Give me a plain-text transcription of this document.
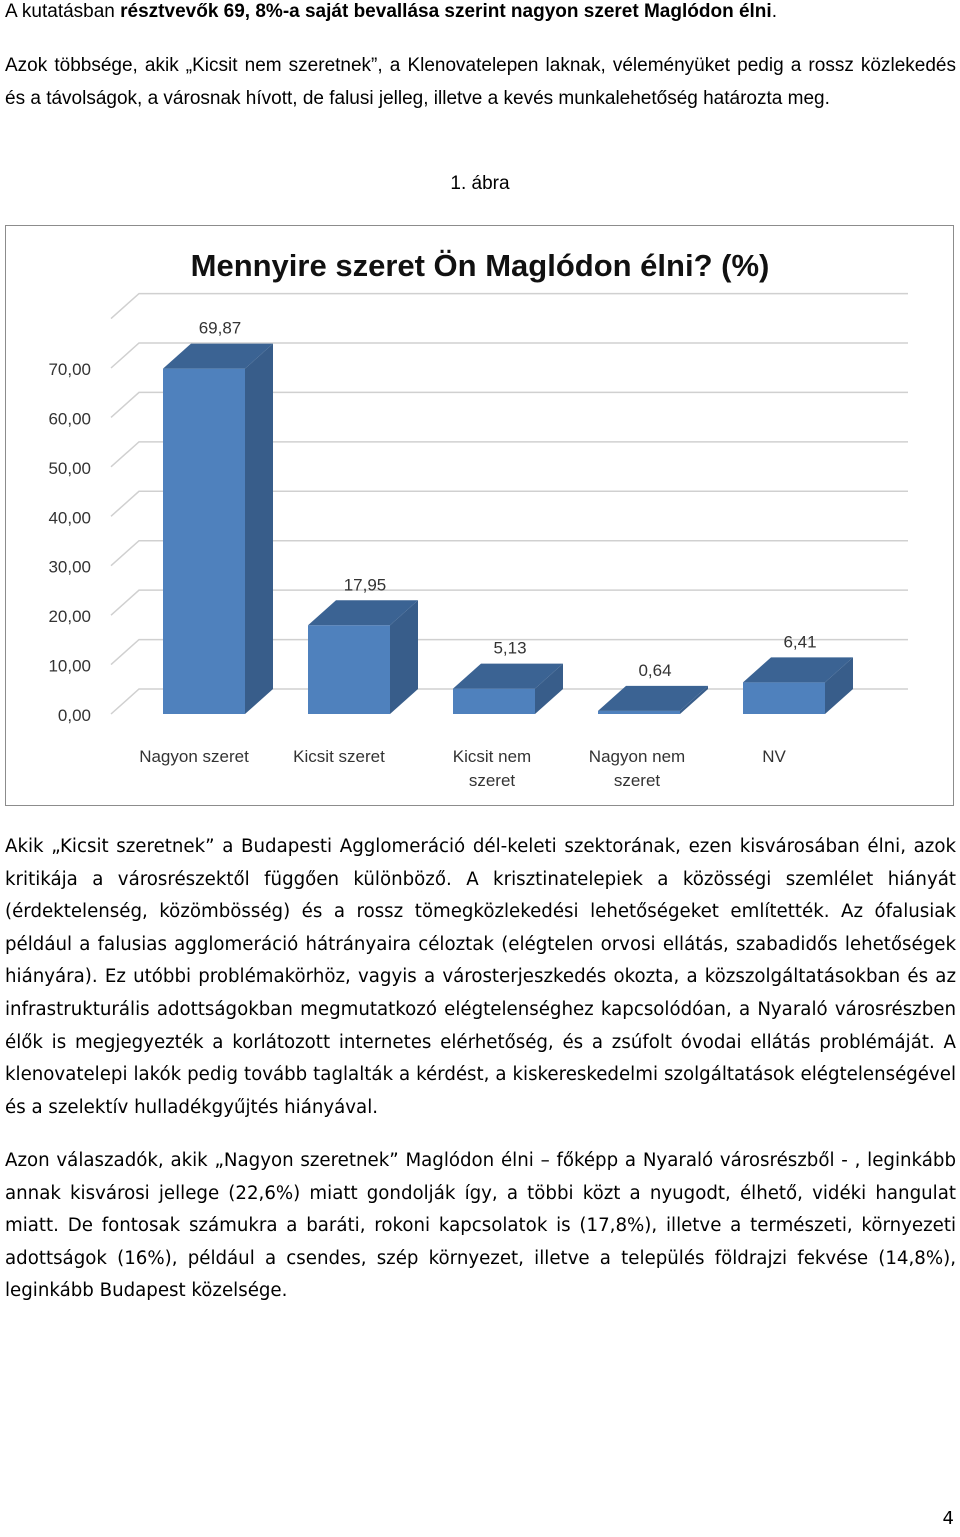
A kutatásban résztvevők 69, 8%-a saját bevallása szerint nagyon szeret Maglódon élni.

Azok többsége, akik „Kicsit nem szeretnek”, a Klenovatelepen laknak, véleményüket pedig a rossz közlekedés és a távolságok, a városnak hívott, de falusi jelleg, illetve a kevés munkalehetőség határozta meg.

1. ábra

Mennyire szeret Ön Maglódon élni? (%)
0,00
10,00
20,00
30,00
40,00
50,00
60,00
70,00
69,87
17,95
5,13
0,64
6,41
Nagyon szeret	Kicsit szeret	Kicsit nem
szeret
Nagyon nem
szeret
NV

Akik „Kicsit szeretnek” a Budapesti Agglomeráció dél-keleti szektorának, ezen kisvárosában élni, azok kritikája a városrészektől függően különböző. A krisztinatelepiek a közösségi szemlélet hiányát (érdektelenség, közömbösség) és a rossz tömegközlekedési lehetőségeket említették. Az ófalusiak például a falusias agglomeráció hátrányaira céloztak (elégtelen orvosi ellátás, szabadidős lehetőségek hiányára). Ez utóbbi problémakörhöz, vagyis a városterjeszkedés okozta, a közszolgáltatásokban és az infrastrukturális adottságokban megmutatkozó elégtelenséghez kapcsolódóan, a Nyaraló városrészben élők is megjegyezték a korlátozott internetes elérhetőség, és a zsúfolt óvodai ellátás problémáját. A klenovatelepi lakók pedig tovább taglalták a kérdést, a kiskereskedelmi szolgáltatások elégtelenségével és a szelektív hulladékgyűjtés hiányával.

Azon válaszadók, akik „Nagyon szeretnek” Maglódon élni – főképp a Nyaraló városrészből - , leginkább annak kisvárosi jellege (22,6%) miatt gondolják így, a többi közt a nyugodt, élhető, vidéki hangulat miatt. De fontosak számukra a baráti, rokoni kapcsolatok is (17,8%), illetve a természeti, környezeti adottságok (16%), például a csendes, szép környezet, illetve a település földrajzi fekvése (14,8%), leginkább Budapest közelsége.

4
